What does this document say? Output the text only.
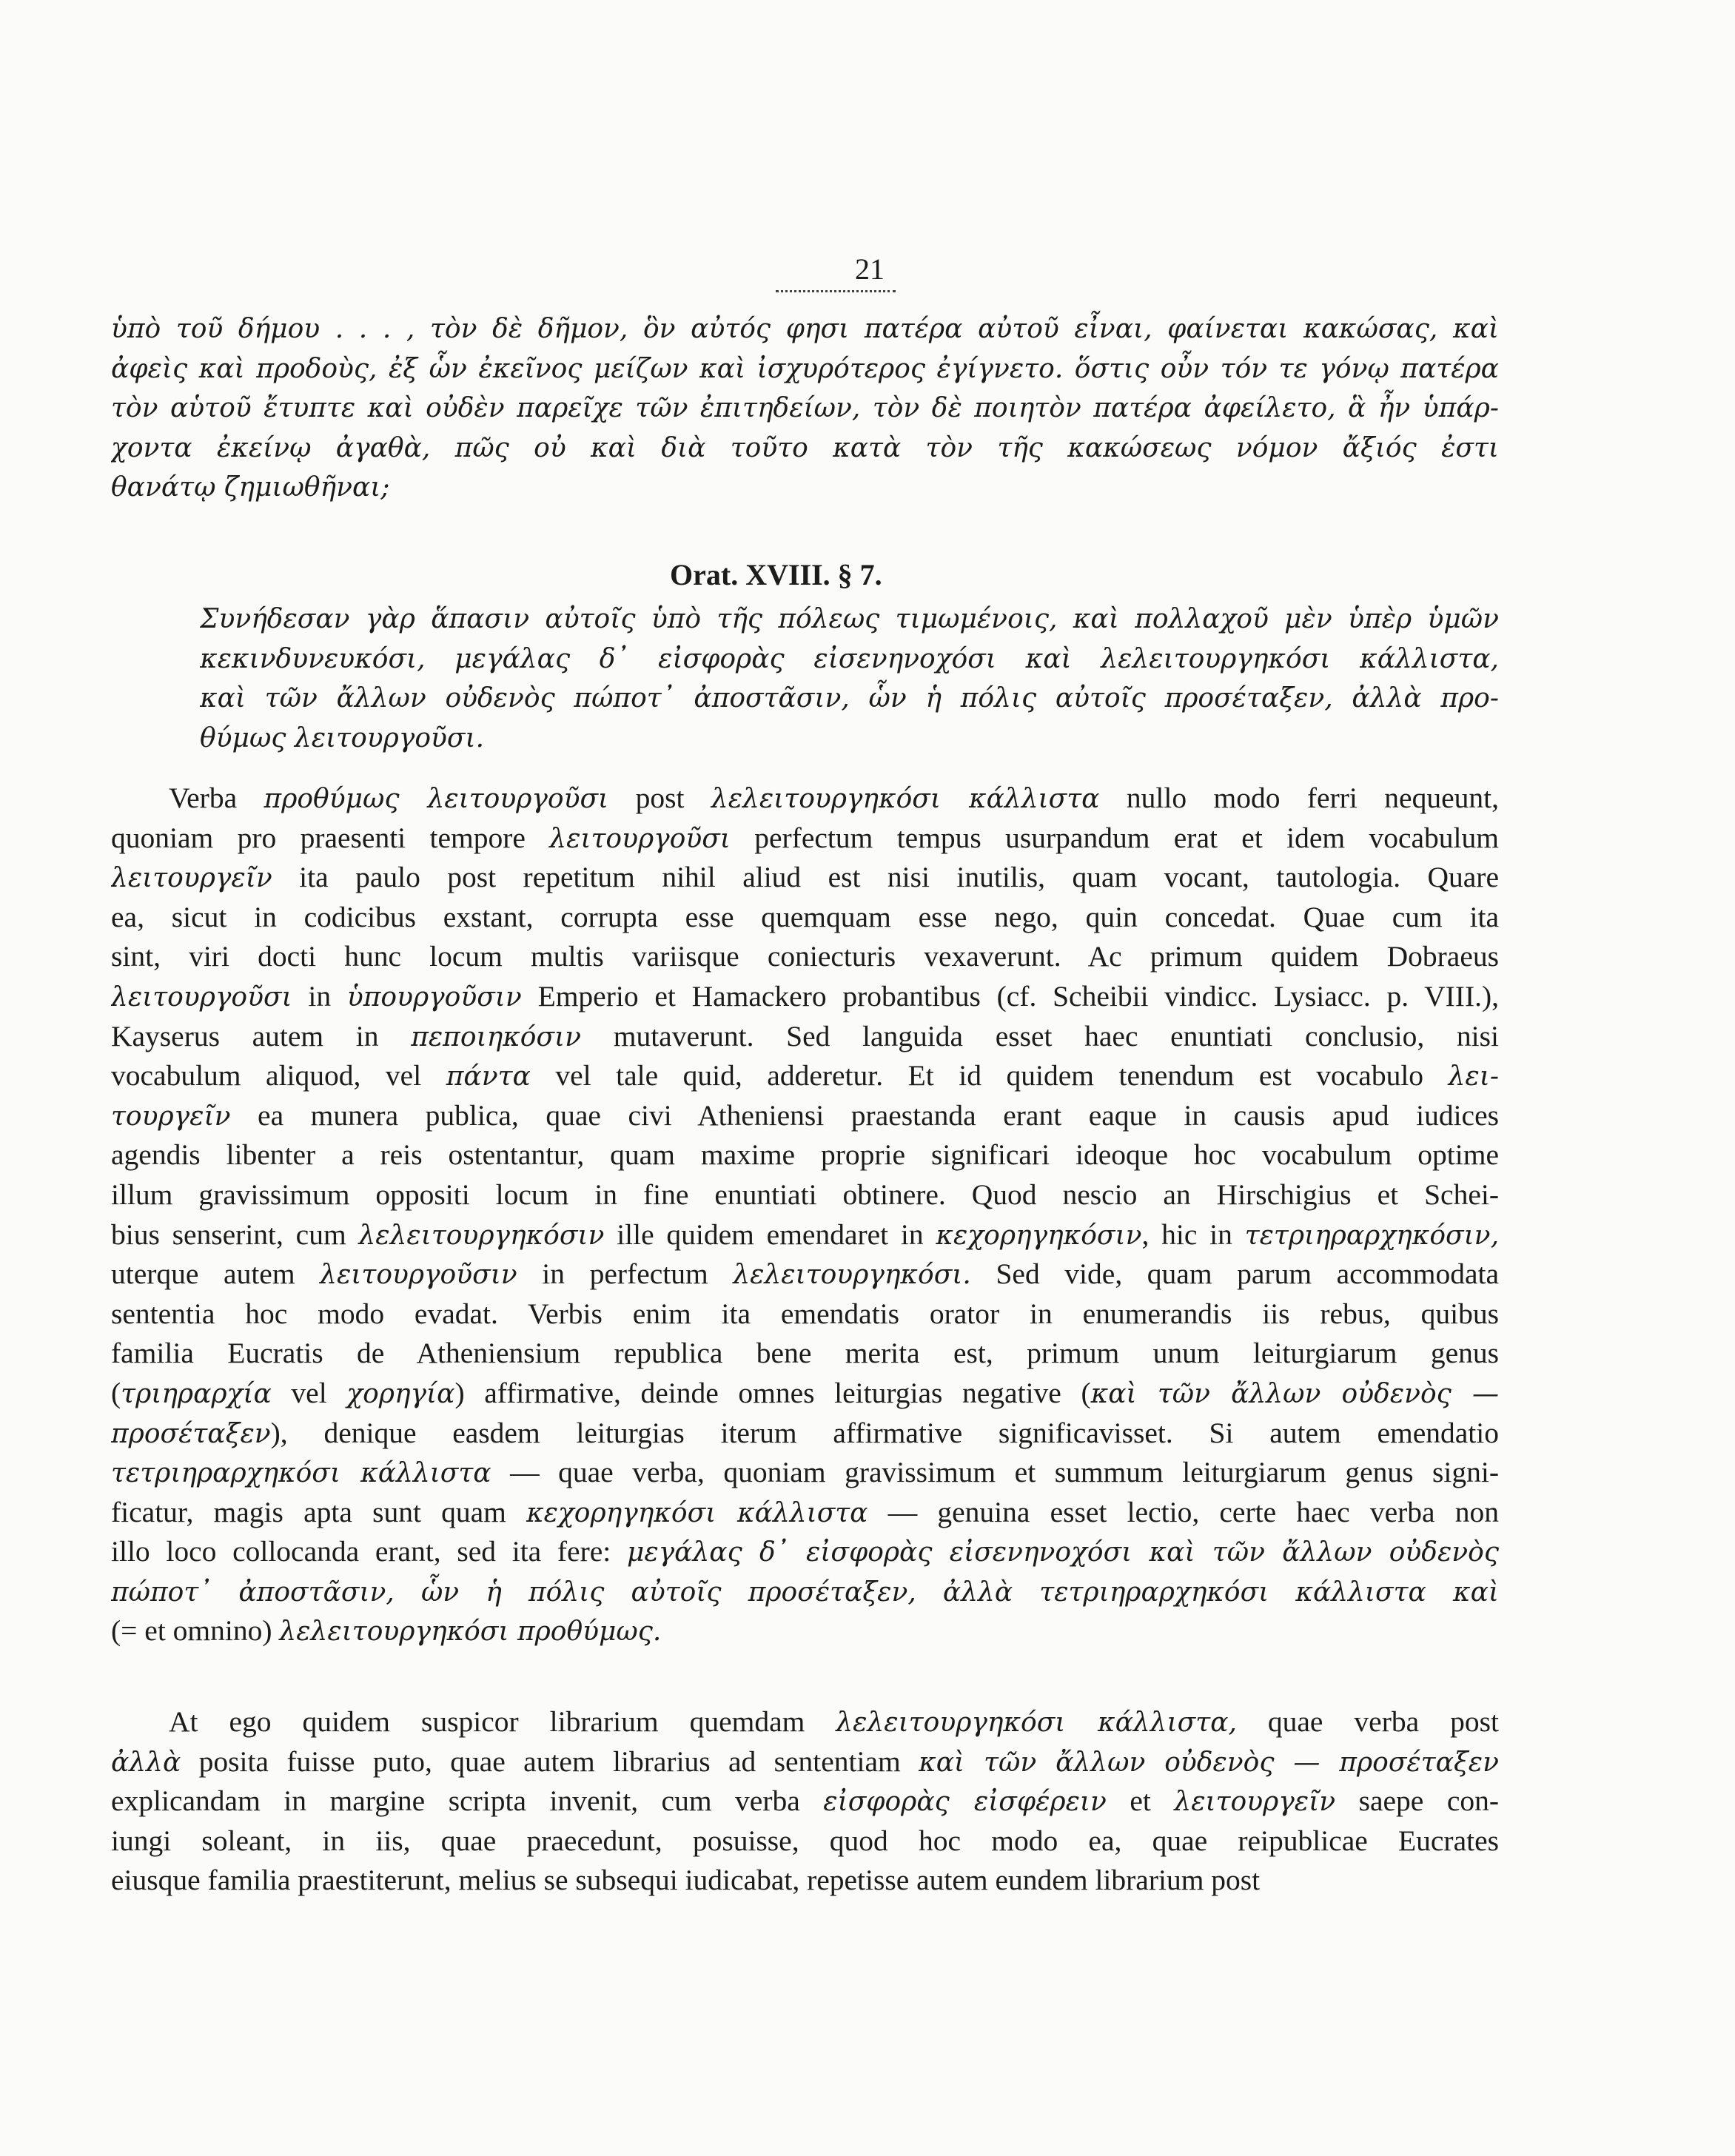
21
ὑπὸ τοῦ δήμου . . . , τὸν δὲ δῆμον, ὃν αὐτός φησι πατέρα αὐτοῦ εἶναι, φαίνεται κακώσας, καὶ
ἀφεὶς καὶ προδοὺς, ἐξ ὧν ἐκεῖνος μείζων καὶ ἰσχυρότερος ἐγίγνετο. ὅστις οὖν τόν τε γόνῳ πατέρα
τὸν αὑτοῦ ἔτυπτε καὶ οὐδὲν παρεῖχε τῶν ἐπιτηδείων, τὸν δὲ ποιητὸν πατέρα ἀφείλετο, ἃ ἦν ὑπάρ-
χοντα ἐκείνῳ ἀγαθὰ, πῶς οὐ καὶ διὰ τοῦτο κατὰ τὸν τῆς κακώσεως νόμον ἄξιός ἐστι
θανάτῳ ζημιωθῆναι;
Orat. XVIII. § 7.
Συνήδεσαν γὰρ ἅπασιν αὐτοῖς ὑπὸ τῆς πόλεως τιμωμένοις, καὶ πολλαχοῦ μὲν ὑπὲρ ὑμῶν
κεκινδυνευκόσι, μεγάλας δ᾽ εἰσφορὰς εἰσενηνοχόσι καὶ λελειτουργηκόσι κάλλιστα,
καὶ τῶν ἄλλων οὐδενὸς πώποτ᾽ ἀποστᾶσιν, ὧν ἡ πόλις αὐτοῖς προσέταξεν, ἀλλὰ προ-
θύμως λειτουργοῦσι.
Verba προθύμως λειτουργοῦσι post λελειτουργηκόσι κάλλιστα nullo modo ferri nequeunt,
quoniam pro praesenti tempore λειτουργοῦσι perfectum tempus usurpandum erat et idem vocabulum
λειτουργεῖν ita paulo post repetitum nihil aliud est nisi inutilis, quam vocant, tautologia. Quare
ea, sicut in codicibus exstant, corrupta esse quemquam esse nego, quin concedat. Quae cum ita
sint, viri docti hunc locum multis variisque coniecturis vexaverunt. Ac primum quidem Dobraeus
λειτουργοῦσι in ὑπουργοῦσιν Emperio et Hamackero probantibus (cf. Scheibii vindicc. Lysiacc. p. VIII.),
Kayserus autem in πεποιηκόσιν mutaverunt. Sed languida esset haec enuntiati conclusio, nisi
vocabulum aliquod, vel πάντα vel tale quid, adderetur. Et id quidem tenendum est vocabulo λει-
τουργεῖν ea munera publica, quae civi Atheniensi praestanda erant eaque in causis apud iudices
agendis libenter a reis ostentantur, quam maxime proprie significari ideoque hoc vocabulum optime
illum gravissimum oppositi locum in fine enuntiati obtinere. Quod nescio an Hirschigius et Schei-
bius senserint, cum λελειτουργηκόσιν ille quidem emendaret in κεχορηγηκόσιν, hic in τετριηραρχηκόσιν,
uterque autem λειτουργοῦσιν in perfectum λελειτουργηκόσι. Sed vide, quam parum accommodata
sententia hoc modo evadat. Verbis enim ita emendatis orator in enumerandis iis rebus, quibus
familia Eucratis de Atheniensium republica bene merita est, primum unum leiturgiarum genus
(τριηραρχία vel χορηγία) affirmative, deinde omnes leiturgias negative (καὶ τῶν ἄλλων οὐδενὸς —
προσέταξεν), denique easdem leiturgias iterum affirmative significavisset. Si autem emendatio
τετριηραρχηκόσι κάλλιστα — quae verba, quoniam gravissimum et summum leiturgiarum genus signi-
ficatur, magis apta sunt quam κεχορηγηκόσι κάλλιστα — genuina esset lectio, certe haec verba non
illo loco collocanda erant, sed ita fere: μεγάλας δ᾽ εἰσφορὰς εἰσενηνοχόσι καὶ τῶν ἄλλων οὐδενὸς
πώποτ᾽ ἀποστᾶσιν, ὧν ἡ πόλις αὐτοῖς προσέταξεν, ἀλλὰ τετριηραρχηκόσι κάλλιστα καὶ
(= et omnino) λελειτουργηκόσι προθύμως.
At ego quidem suspicor librarium quemdam λελειτουργηκόσι κάλλιστα, quae verba post
ἀλλὰ posita fuisse puto, quae autem librarius ad sententiam καὶ τῶν ἄλλων οὐδενὸς — προσέταξεν
explicandam in margine scripta invenit, cum verba εἰσφορὰς εἰσφέρειν et λειτουργεῖν saepe con-
iungi soleant, in iis, quae praecedunt, posuisse, quod hoc modo ea, quae reipublicae Eucrates
eiusque familia praestiterunt, melius se subsequi iudicabat, repetisse autem eundem librarium post
